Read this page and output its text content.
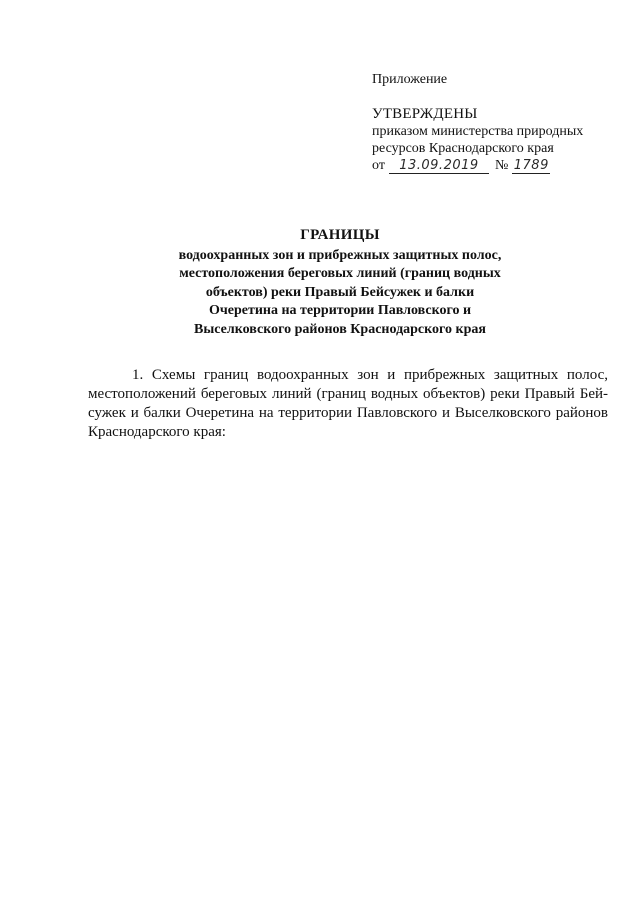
Приложение

УТВЕРЖДЕНЫ

приказом министерства природных

ресурсов Краснодарского края

от	13.09.2019	№ 1789

ГРАНИЦЫ

водоохранных зон и прибрежных защитных полос,

местоположения береговых линий (границ водных

объектов) реки Правый Бейсужек и балки

Очеретина на территории Павловского и

Выселковского районов Краснодарского края

1. Схемы границ водоохранных зон и прибрежных защитных полос,

местоположений береговых линий (границ водных объектов) реки Правый Бей-

сужек и балки Очеретина на территории Павловского и Выселковского районов

Краснодарского края:
